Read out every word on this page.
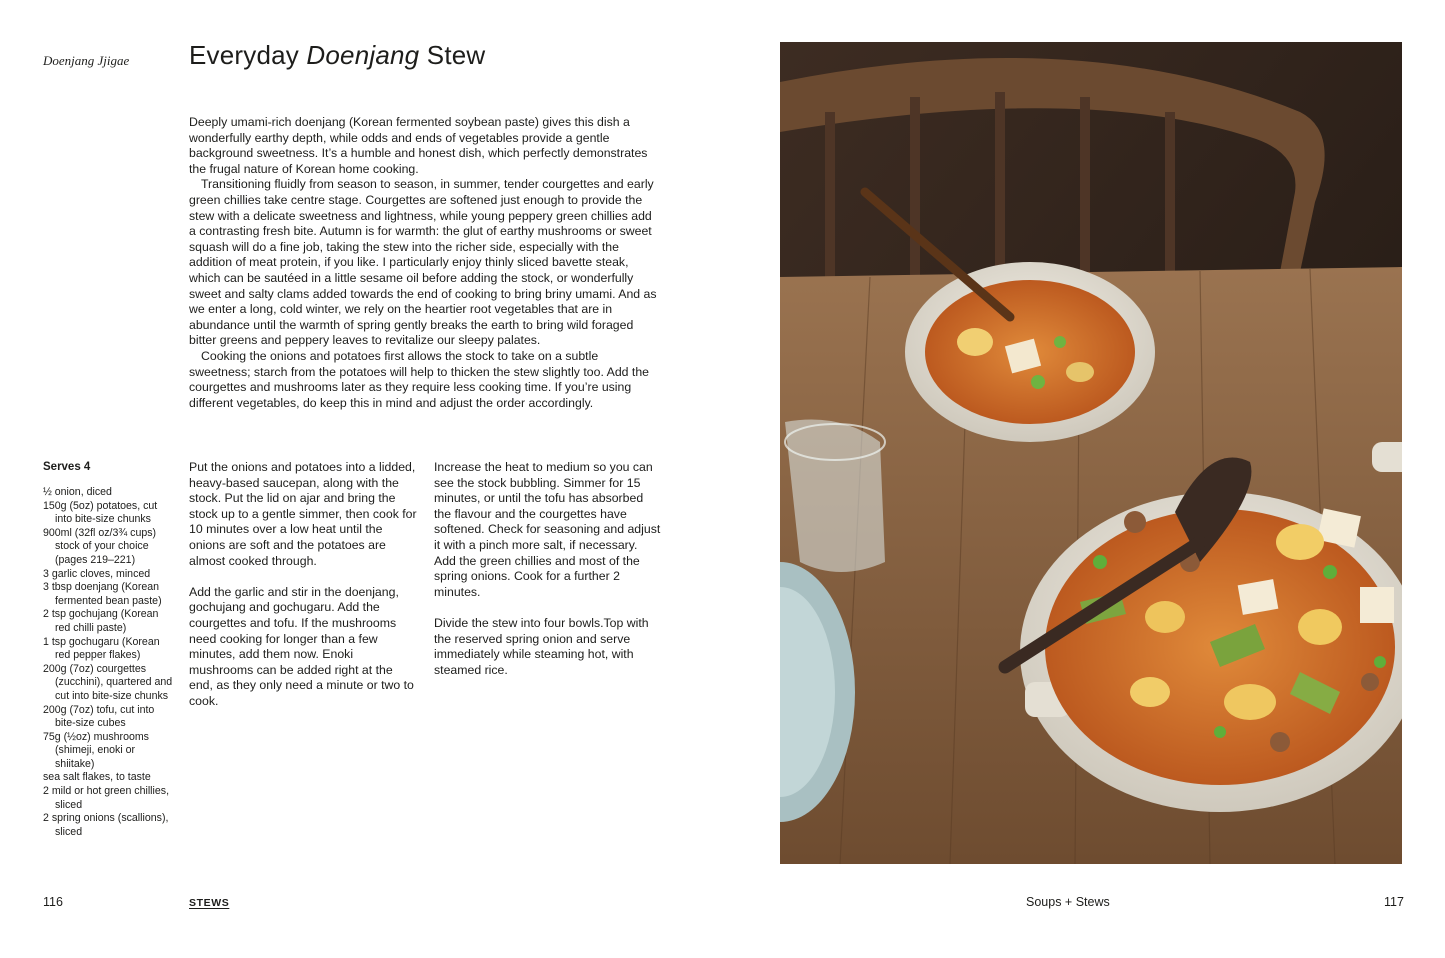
Doenjang Jjigae Everyday Doenjang Stew

Deeply umami-rich doenjang (Korean fermented soybean paste) gives this dish a wonderfully earthy depth, while odds and ends of vegetables provide a gentle background sweetness. It’s a humble and honest dish, which perfectly demonstrates the frugal nature of Korean home cooking.

Transitioning fluidly from season to season, in summer, tender courgettes and early green chillies take centre stage. Courgettes are softened just enough to provide the stew with a delicate sweetness and lightness, while young peppery green chillies add a contrasting fresh bite. Autumn is for warmth: the glut of earthy mushrooms or sweet squash will do a fine job, taking the stew into the richer side, especially with the addition of meat protein, if you like. I particularly enjoy thinly sliced bavette steak, which can be sautéed in a little sesame oil before adding the stock, or wonderfully sweet and salty clams added towards the end of cooking to bring briny umami. And as we enter a long, cold winter, we rely on the heartier root vegetables that are in abundance until the warmth of spring gently breaks the earth to bring wild foraged bitter greens and peppery leaves to revitalize our sleepy palates.

Cooking the onions and potatoes first allows the stock to take on a subtle sweetness; starch from the potatoes will help to thicken the stew slightly too. Add the courgettes and mushrooms later as they require less cooking time. If you’re using different vegetables, do keep this in mind and adjust the order accordingly.

Serves 4
½ onion, diced
150g (5oz) potatoes, cut into bite-size chunks
900ml (32fl oz/3¾ cups) stock of your choice (pages 219–221)
3 garlic cloves, minced
3 tbsp doenjang (Korean fermented bean paste)
2 tsp gochujang (Korean red chilli paste)
1 tsp gochugaru (Korean red pepper flakes)
200g (7oz) courgettes (zucchini), quartered and cut into bite-size chunks
200g (7oz) tofu, cut into bite-size cubes
75g (½oz) mushrooms (shimeji, enoki or shiitake)
sea salt flakes, to taste
2 mild or hot green chillies, sliced
2 spring onions (scallions), sliced

Put the onions and potatoes into a lidded, heavy-based saucepan, along with the stock. Put the lid on ajar and bring the stock up to a gentle simmer, then cook for 10 minutes over a low heat until the onions are soft and the potatoes are almost cooked through.

Add the garlic and stir in the doenjang, gochujang and gochugaru. Add the courgettes and tofu. If the mushrooms need cooking for longer than a few minutes, add them now. Enoki mushrooms can be added right at the end, as they only need a minute or two to cook.

Increase the heat to medium so you can see the stock bubbling. Simmer for 15 minutes, or until the tofu has absorbed the flavour and the courgettes have softened. Check for seasoning and adjust it with a pinch more salt, if necessary. Add the green chillies and most of the spring onions. Cook for a further 2 minutes.

Divide the stew into four bowls.Top with the reserved spring onion and serve immediately while steaming hot, with steamed rice.

116	STEWS	Soups + Stews	117
